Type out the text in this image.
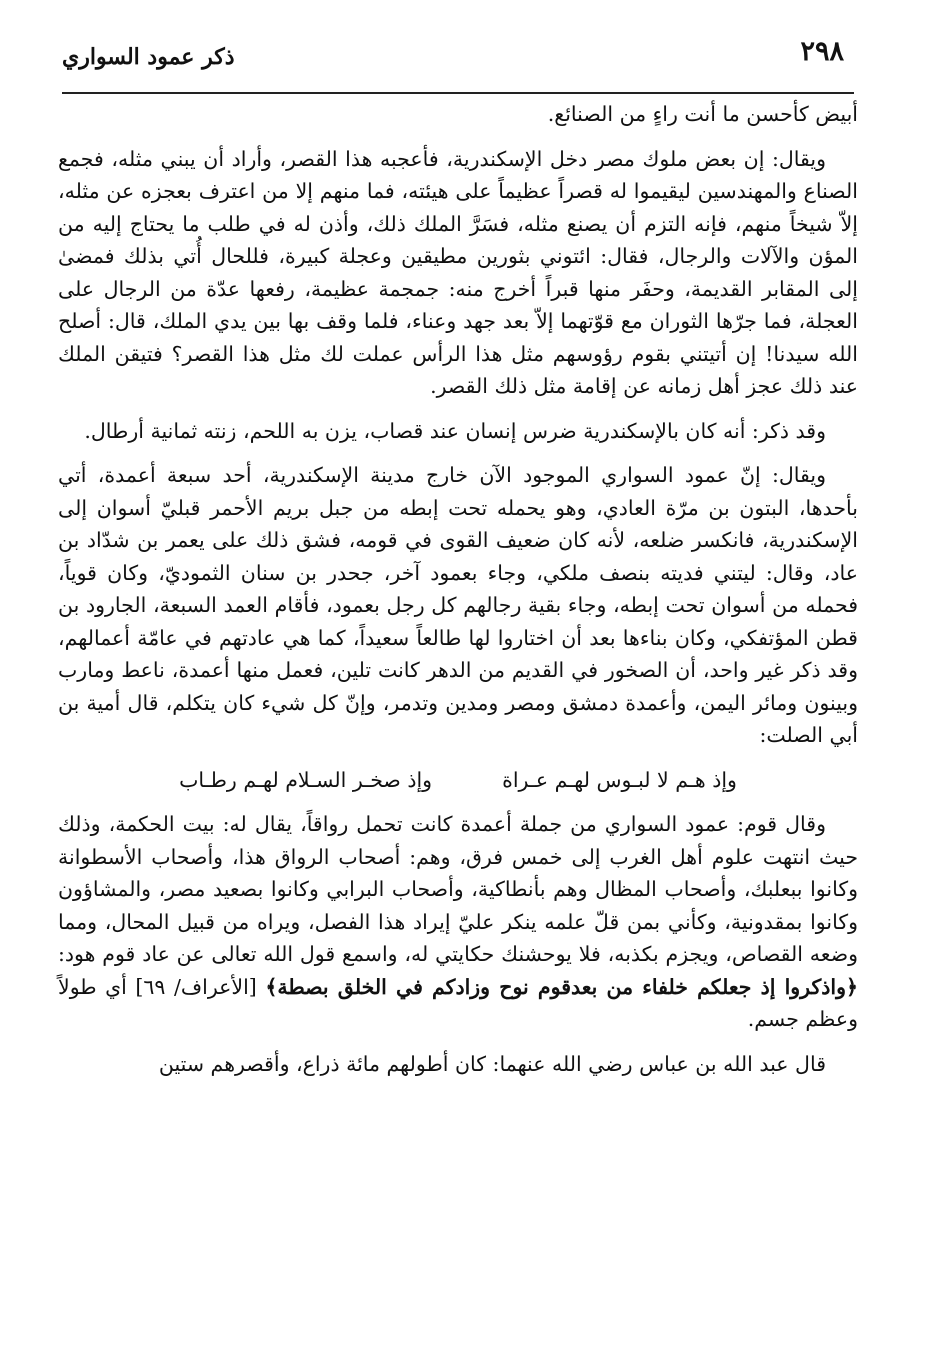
٢٩٨
ذكر عمود السواري

أبيض كأحسن ما أنت راءٍ من الصنائع.

ويقال: إن بعض ملوك مصر دخل الإسكندرية، فأعجبه هذا القصر، وأراد أن يبني مثله، فجمع الصناع والمهندسين ليقيموا له قصراً عظيماً على هيئته، فما منهم إلا من اعترف بعجزه عن مثله، إلاّ شيخاً منهم، فإنه التزم أن يصنع مثله، فسَرَّ الملك ذلك، وأذن له في طلب ما يحتاج إليه من المؤن والآلات والرجال، فقال: ائتوني بثورين مطيقين وعجلة كبيرة، فللحال أُتي بذلك فمضىٰ إلى المقابر القديمة، وحفَر منها قبراً أخرج منه: جمجمة عظيمة، رفعها عدّة من الرجال على العجلة، فما جرّها الثوران مع قوّتهما إلاّ بعد جهد وعناء، فلما وقف بها بين يدي الملك، قال: أصلح الله سيدنا! إن أتيتني بقوم رؤوسهم مثل هذا الرأس عملت لك مثل هذا القصر؟ فتيقن الملك عند ذلك عجز أهل زمانه عن إقامة مثل ذلك القصر.

وقد ذكر: أنه كان بالإسكندرية ضرس إنسان عند قصاب، يزن به اللحم، زنته ثمانية أرطال.

ويقال: إنّ عمود السواري الموجود الآن خارج مدينة الإسكندرية، أحد سبعة أعمدة، أتي بأحدها، البتون بن مرّة العادي، وهو يحمله تحت إبطه من جبل بريم الأحمر قبليّ أسوان إلى الإسكندرية، فانكسر ضلعه، لأنه كان ضعيف القوى في قومه، فشق ذلك على يعمر بن شدّاد بن عاد، وقال: ليتني فديته بنصف ملكي، وجاء بعمود آخر، جحدر بن سنان الثموديّ، وكان قوياً، فحمله من أسوان تحت إبطه، وجاء بقية رجالهم كل رجل بعمود، فأقام العمد السبعة، الجارود بن قطن المؤتفكي، وكان بناءها بعد أن اختاروا لها طالعاً سعيداً، كما هي عادتهم في عامّة أعمالهم، وقد ذكر غير واحد، أن الصخور في القديم من الدهر كانت تلين، فعمل منها أعمدة، ناعط ومارب وبينون ومائر اليمن، وأعمدة دمشق ومصر ومدين وتدمر، وإنّ كل شيء كان يتكلم، قال أمية بن أبي الصلت:

وإذ هـم لا لبـوس لهـم عـراة
وإذ صخـر السـلام لهـم رطـاب

وقال قوم: عمود السواري من جملة أعمدة كانت تحمل رواقاً، يقال له: بيت الحكمة، وذلك حيث انتهت علوم أهل الغرب إلى خمس فرق، وهم: أصحاب الرواق هذا، وأصحاب الأسطوانة وكانوا ببعلبك، وأصحاب المظال وهم بأنطاكية، وأصحاب البرابي وكانوا بصعيد مصر، والمشاؤون وكانوا بمقدونية، وكأني بمن قلّ علمه ينكر عليّ إيراد هذا الفصل، ويراه من قبيل المحال، ومما وضعه القصاص، ويجزم بكذبه، فلا يوحشنك حكايتي له، واسمع قول الله تعالى عن عاد قوم هود: ﴿واذكروا إذ جعلكم خلفاء من بعدقوم نوح وزادكم في الخلق بصطة﴾ [الأعراف/ ٦٩] أي طولاً وعظم جسم.

قال عبد الله بن عباس رضي الله عنهما: كان أطولهم مائة ذراع، وأقصرهم ستين
